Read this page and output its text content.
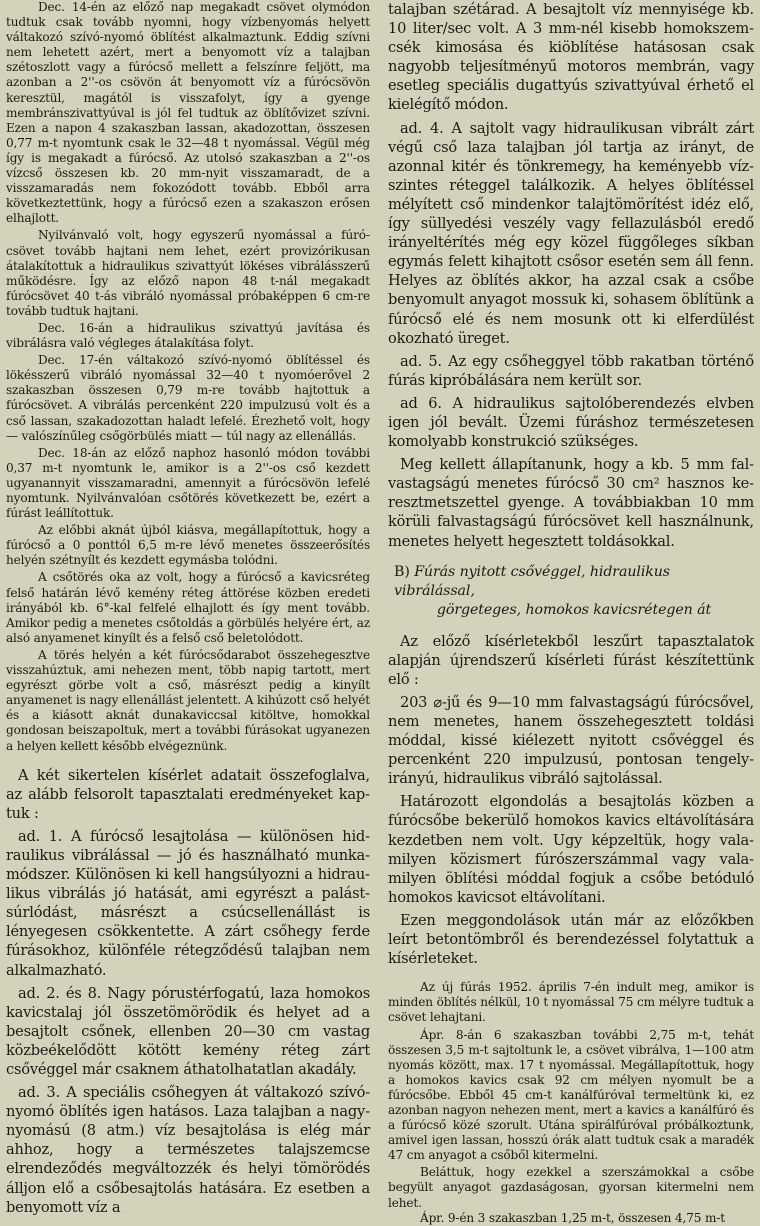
Dec. 14-én az előző nap megakadt csövet olymódon tudtuk csak tovább nyomni, hogy vízbenyomás helyett váltakozó szívó-nyomó öblítést alkalmaztunk. Eddig szívni nem lehetett azért, mert a benyomott víz a talajban szétoszlott vagy a fúrócső mellett a felszínre feljött, ma azonban a 2''-os csövön át benyomott víz a fúrócsövön keresztül, magától is visszafolyt, így a gyenge membránszivattyúval is jól fel tudtuk az öblítővizet szívni. Ezen a napon 4 szakaszban lassan, akadozottan, összesen 0,77 m-t nyomtunk csak le 32—48 t nyomással. Végül még így is megakadt a fúrócső. Az utolsó szakaszban a 2''-os vízcső összesen kb. 20 mm-nyit visszamaradt, de a visszamaradás nem fokozódott tovább. Ebből arra következtettünk, hogy a fúrócső ezen a szakaszon erősen elhajlott.

Nyilvánvaló volt, hogy egyszerű nyomással a fúrócsövet tovább hajtani nem lehet, ezért provizórikusan átalakítottuk a hidraulikus szivattyút lökéses vibrálásszerű működésre. Így az előző napon 48 t-nál megakadt fúrócsövet 40 t-ás vibráló nyomással próbaképpen 6 cm-re tovább tudtuk hajtani.

Dec. 16-án a hidraulikus szivattyú javítása és vibrálásra való végleges átalakítása folyt.

Dec. 17-én váltakozó szívó-nyomó öblítéssel és lökésszerű vibráló nyomással 32—40 t nyomóerővel 2 szakaszban összesen 0,79 m-re tovább hajtottuk a fúrócsövet. A vibrálás percenként 220 impulzusú volt és a cső lassan, szakadozottan haladt lefelé. Érezhető volt, hogy — valószínűleg csőgörbülés miatt — túl nagy az ellenállás.

Dec. 18-án az előző naphoz hasonló módon további 0,37 m-t nyomtunk le, amikor is a 2''-os cső kezdett ugyanannyit visszamaradni, amennyit a fúrócsövön lefelé nyomtunk. Nyilvánvalóan csőtörés következett be, ezért a fúrást leállítottuk.

Az előbbi aknát újból kiásva, megállapítottuk, hogy a fúrócső a 0 ponttól 6,5 m-re lévő menetes összeerősítés helyén szétnyílt és kezdett egymásba tolódni.

A csőtörés oka az volt, hogy a fúrócső a kavicsréteg felső határán lévő kemény réteg áttörése közben eredeti irányából kb. 6°-kal felfelé elhajlott és így ment tovább. Amikor pedig a menetes csőtoldás a görbülés helyére ért, az alsó anyamenet kinyílt és a felső cső beletolódott.

A törés helyén a két fúrócsődarabot összehegesztve visszahúztuk, ami nehezen ment, több napig tartott, mert egyrészt görbe volt a cső, másrészt pedig a kinyílt anyamenet is nagy ellenállást jelentett. A kihúzott cső helyét és a kiásott aknát dunakaviccsal kitöltve, homokkal gondosan beiszapoltuk, mert a további fúrásokat ugyanezen a helyen kellett később elvégeznünk.

A két sikertelen kísérlet adatait összefoglalva, az alább felsorolt tapasztalati eredményeket kaptuk :

ad. 1. A fúrócső lesajtolása — különösen hidraulikus vibrálással — jó és használható munkamódszer. Különösen ki kell hangsúlyozni a hidraulikus vibrálás jó hatását, ami egyrészt a palástsúrlódást, másrészt a csúcsellenállást is lényegesen csökkentette. A zárt csőhegy ferde fúrásokhoz, különféle rétegződésű talajban nem alkalmazható.

ad. 2. és 8. Nagy pórustérfogatú, laza homokos kavicstalaj jól összetömörödik és helyet ad a besajtolt csőnek, ellenben 20—30 cm vastag közbeékelődött kötött kemény réteg zárt csővéggel már csaknem áthatolhatatlan akadály.

ad. 3. A speciális csőhegyen át váltakozó szívó-nyomó öblítés igen hatásos. Laza talajban a nagynyomású (8 atm.) víz besajtolása is elég már ahhoz, hogy a természetes talajszemcse elrendeződés megváltozzék és helyi tömörödés álljon elő a csőbesajtolás hatására. Ez esetben a benyomott víz a

talajban szétárad. A besajtolt víz mennyisége kb. 10 liter/sec volt. A 3 mm-nél kisebb homokszemcsék kimosása és kiöblítése hatásosan csak nagyobb teljesítményű motoros membrán, vagy esetleg speciális dugattyús szivattyúval érhető el kielégítő módon.

ad. 4. A sajtolt vagy hidraulikusan vibrált zárt végű cső laza talajban jól tartja az irányt, de azonnal kitér és tönkremegy, ha keményebb vízszintes réteggel találkozik. A helyes öblítéssel mélyített cső mindenkor talajtömörítést idéz elő, így süllyedési veszély vagy fellazulásból eredő irányeltérítés még egy közel függőleges síkban egymás felett kihajtott csősor esetén sem áll fenn. Helyes az öblítés akkor, ha azzal csak a csőbe benyomult anyagot mossuk ki, sohasem öblítünk a fúrócső elé és nem mosunk ott ki elferdülést okozható üreget.

ad. 5. Az egy csőheggyel több rakatban történő fúrás kipróbálására nem került sor.

ad 6. A hidraulikus sajtolóberendezés elvben igen jól bevált. Üzemi fúráshoz természetesen komolyabb konstrukció szükséges.

Meg kellett állapítanunk, hogy a kb. 5 mm falvastagságú menetes fúrócső 30 cm² hasznos keresztmetszettel gyenge. A továbbiakban 10 mm körüli falvastagságú fúrócsövet kell használnunk, menetes helyett hegesztett toldásokkal.

B) Fúrás nyitott csővéggel, hidraulikus vibrálással,
görgeteges, homokos kavicsrétegen át

Az előző kísérletekből leszűrt tapasztalatok alapján újrendszerű kísérleti fúrást készítettünk elő :

203 ⌀-jű és 9—10 mm falvastagságú fúrócsővel, nem menetes, hanem összehegesztett toldási móddal, kissé kiélezett nyitott csővéggel és percenként 220 impulzusú, pontosan tengelyirányú, hidraulikus vibráló sajtolással.

Határozott elgondolás a besajtolás közben a fúrócsőbe bekerülő homokos kavics eltávolítására kezdetben nem volt. Ugy képzeltük, hogy valamilyen közismert fúrószerszámmal vagy valamilyen öblítési móddal fogjuk a csőbe betóduló homokos kavicsot eltávolítani.

Ezen meggondolások után már az előzőkben leírt betontömbről és berendezéssel folytattuk a kísérleteket.

Az új fúrás 1952. április 7-én indult meg, amikor is minden öblítés nélkül, 10 t nyomással 75 cm mélyre tudtuk a csövet lehajtani.

Ápr. 8-án 6 szakaszban további 2,75 m-t, tehát összesen 3,5 m-t sajtoltunk le, a csövet vibrálva, 1—100 atm nyomás között, max. 17 t nyomással. Megállapítottuk, hogy a homokos kavics csak 92 cm mélyen nyomult be a fúrócsőbe. Ebből 45 cm-t kanálfúróval termeltünk ki, ez azonban nagyon nehezen ment, mert a kavics a kanálfúró és a fúrócső közé szorult. Utána spirálfúróval próbálkoztunk, amivel igen lassan, hosszú órák alatt tudtuk csak a maradék 47 cm anyagot a csőből kitermelni.

Beláttuk, hogy ezekkel a szerszámokkal a csőbe begyült anyagot gazdaságosan, gyorsan kitermelni nem lehet.

Ápr. 9-én 3 szakaszban 1,25 m-t, összesen 4,75 m-t
